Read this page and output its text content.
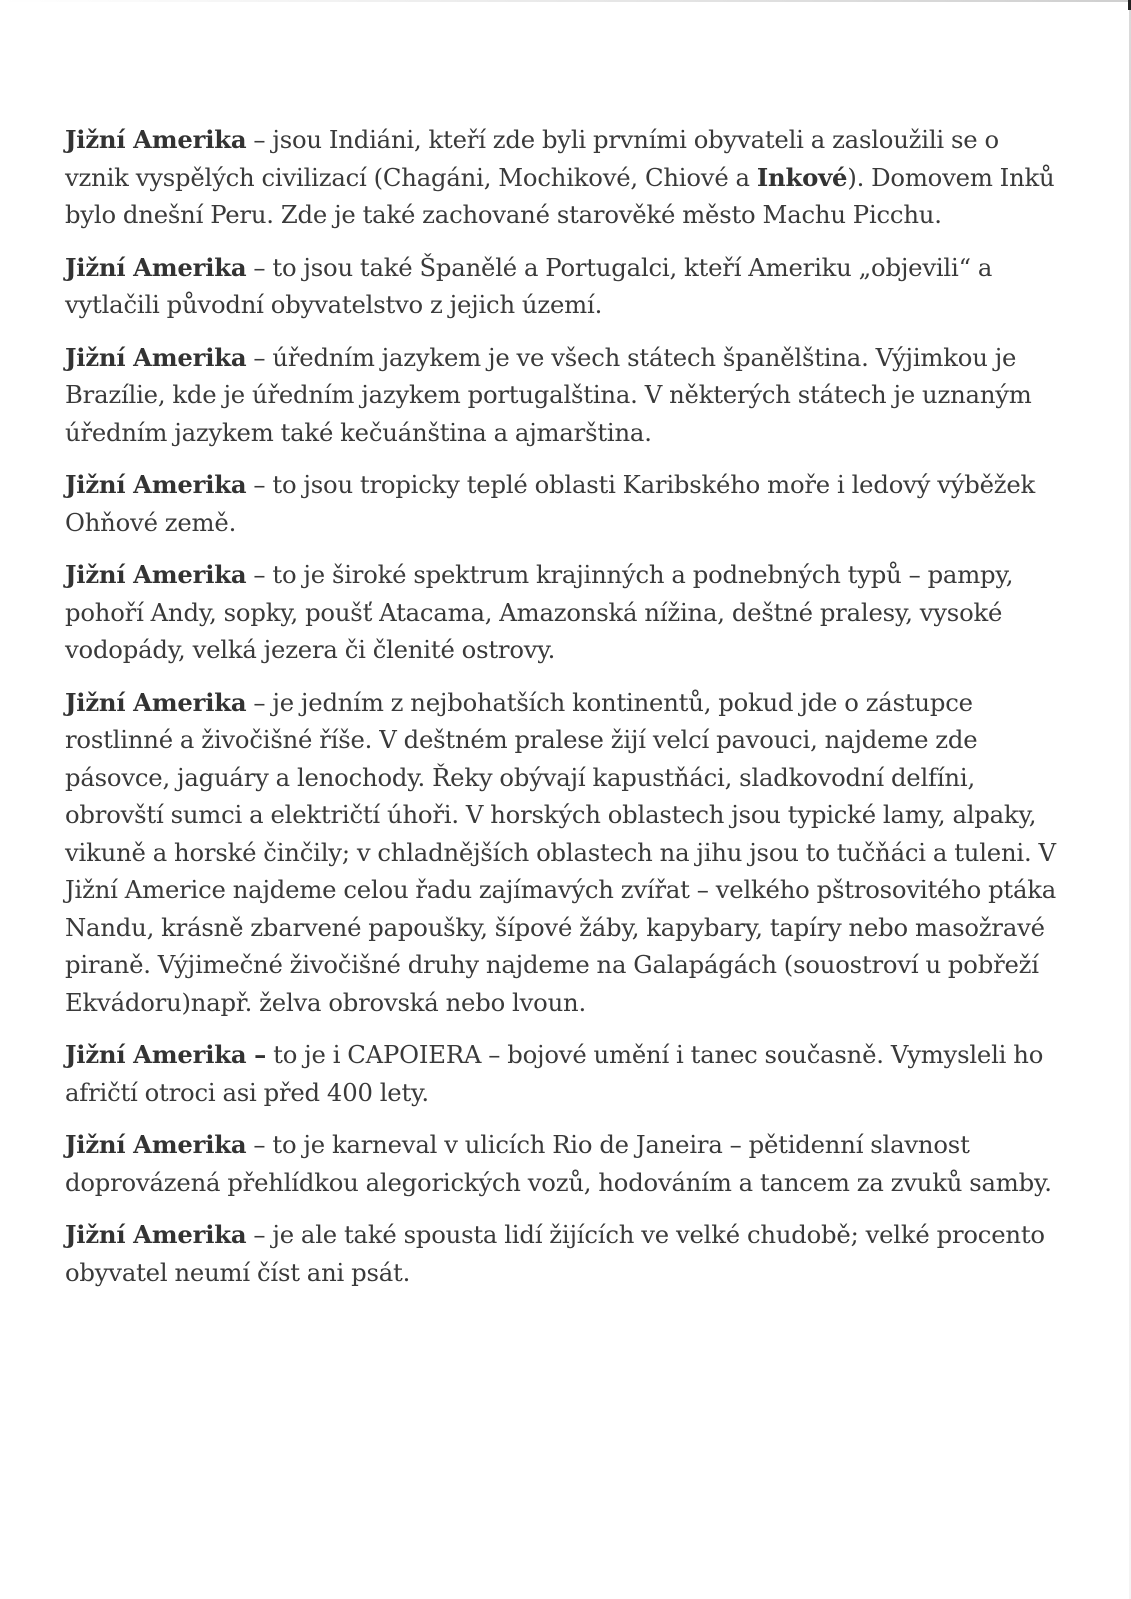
Jižní Amerika – jsou Indiáni, kteří zde byli prvními obyvateli a zasloužili se o vznik vyspělých civilizací (Chagáni, Mochikové, Chiové a Inkové). Domovem Inků bylo dnešní Peru. Zde je také zachované starověké město Machu Picchu.

Jižní Amerika – to jsou také Španělé a Portugalci, kteří Ameriku „objevili“ a vytlačili původní obyvatelstvo z jejich území.

Jižní Amerika – úředním jazykem je ve všech státech španělština. Výjimkou je Brazílie, kde je úředním jazykem portugalština. V některých státech je uznaným úředním jazykem také kečuánština a ajmarština.

Jižní Amerika – to jsou tropicky teplé oblasti Karibského moře i ledový výběžek Ohňové země.

Jižní Amerika – to je široké spektrum krajinných a podnebných typů – pampy, pohoří Andy, sopky, poušť Atacama, Amazonská nížina, deštné pralesy, vysoké vodopády, velká jezera či členité ostrovy.

Jižní Amerika – je jedním z nejbohatších kontinentů, pokud jde o zástupce rostlinné a živočišné říše. V deštném pralese žijí velcí pavouci, najdeme zde pásovce, jaguáry a lenochody. Řeky obývají kapustňáci, sladkovodní delfíni, obrovští sumci a električtí úhoři. V horských oblastech jsou typické lamy, alpaky, vikuně a horské činčily; v chladnějších oblastech na jihu jsou to tučňáci a tuleni. V Jižní Americe najdeme celou řadu zajímavých zvířat – velkého pštrosovitého ptáka Nandu, krásně zbarvené papoušky, šípové žáby, kapybary, tapíry nebo masožravé piraně. Výjimečné živočišné druhy najdeme na Galapágách (souostroví u pobřeží Ekvádoru)např. želva obrovská nebo lvoun.

Jižní Amerika – to je i CAPOIERA – bojové umění i tanec současně. Vymysleli ho afričtí otroci asi před 400 lety.

Jižní Amerika – to je karneval v ulicích Rio de Janeira – pětidenní slavnost doprovázená přehlídkou alegorických vozů, hodováním a tancem za zvuků samby.

Jižní Amerika – je ale také spousta lidí žijících ve velké chudobě; velké procento obyvatel neumí číst ani psát.
